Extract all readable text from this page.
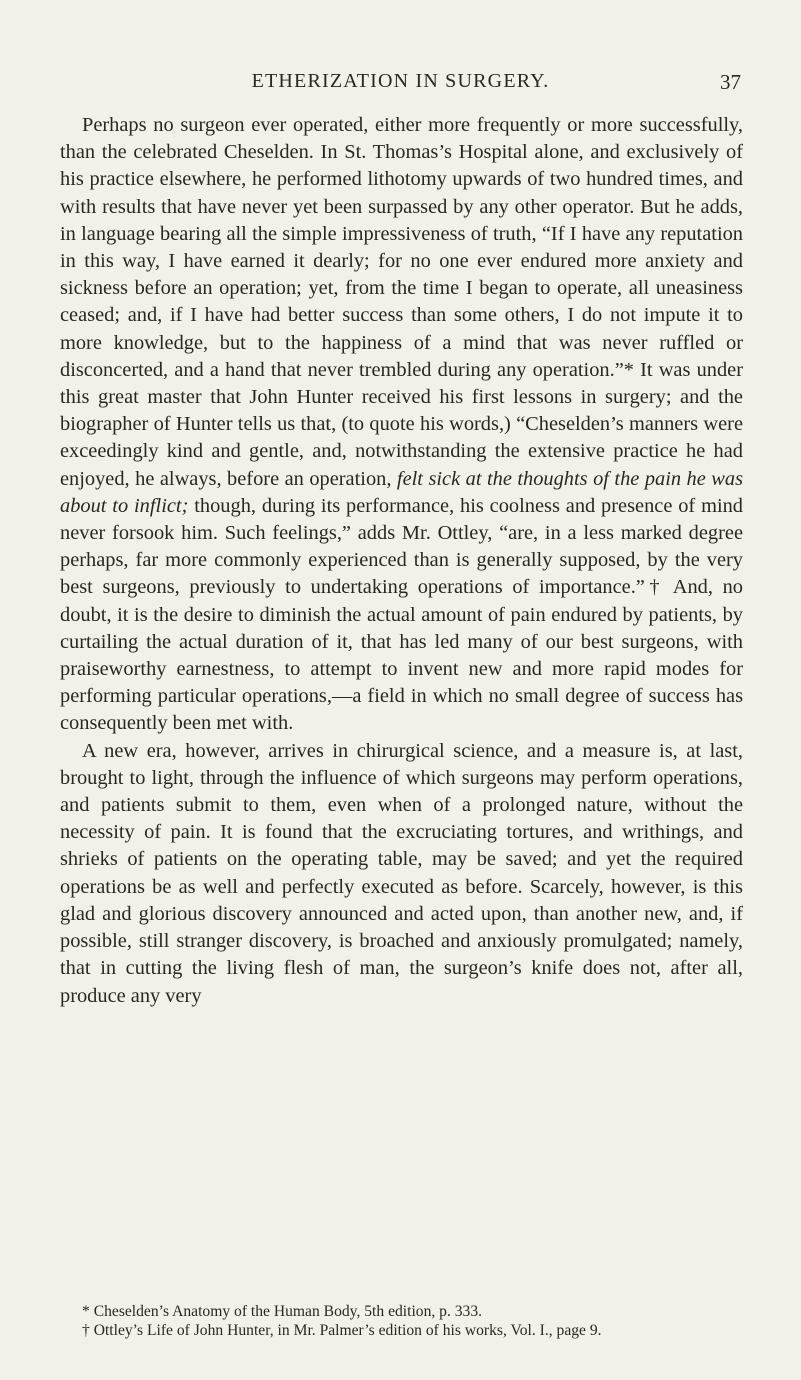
ETHERIZATION IN SURGERY.	37

Perhaps no surgeon ever operated, either more frequently or more successfully, than the celebrated Cheselden. In St. Thomas’s Hospital alone, and exclusively of his practice elsewhere, he performed lithotomy upwards of two hundred times, and with results that have never yet been surpassed by any other operator. But he adds, in language bearing all the simple impressiveness of truth, “If I have any reputation in this way, I have earned it dearly; for no one ever endured more anxiety and sickness before an operation; yet, from the time I began to operate, all uneasiness ceased; and, if I have had better success than some others, I do not impute it to more knowledge, but to the happiness of a mind that was never ruffled or disconcerted, and a hand that never trembled during any operation.”* It was under this great master that John Hunter received his first lessons in surgery; and the biographer of Hunter tells us that, (to quote his words,) “Cheselden’s manners were exceedingly kind and gentle, and, notwithstanding the extensive practice he had enjoyed, he always, before an operation, felt sick at the thoughts of the pain he was about to inflict; though, during its performance, his coolness and presence of mind never forsook him. Such feelings,” adds Mr. Ottley, “are, in a less marked degree perhaps, far more commonly experienced than is generally supposed, by the very best surgeons, previously to undertaking operations of importance.”† And, no doubt, it is the desire to diminish the actual amount of pain endured by patients, by curtailing the actual duration of it, that has led many of our best surgeons, with praiseworthy earnestness, to attempt to invent new and more rapid modes for performing particular operations,—a field in which no small degree of success has consequently been met with.

A new era, however, arrives in chirurgical science, and a measure is, at last, brought to light, through the influence of which surgeons may perform operations, and patients submit to them, even when of a prolonged nature, without the necessity of pain. It is found that the excruciating tortures, and writhings, and shrieks of patients on the operating table, may be saved; and yet the required operations be as well and perfectly executed as before. Scarcely, however, is this glad and glorious discovery announced and acted upon, than another new, and, if possible, still stranger discovery, is broached and anxiously promulgated; namely, that in cutting the living flesh of man, the surgeon’s knife does not, after all, produce any very

* Cheselden’s Anatomy of the Human Body, 5th edition, p. 333.

† Ottley’s Life of John Hunter, in Mr. Palmer’s edition of his works, Vol. I., page 9.
